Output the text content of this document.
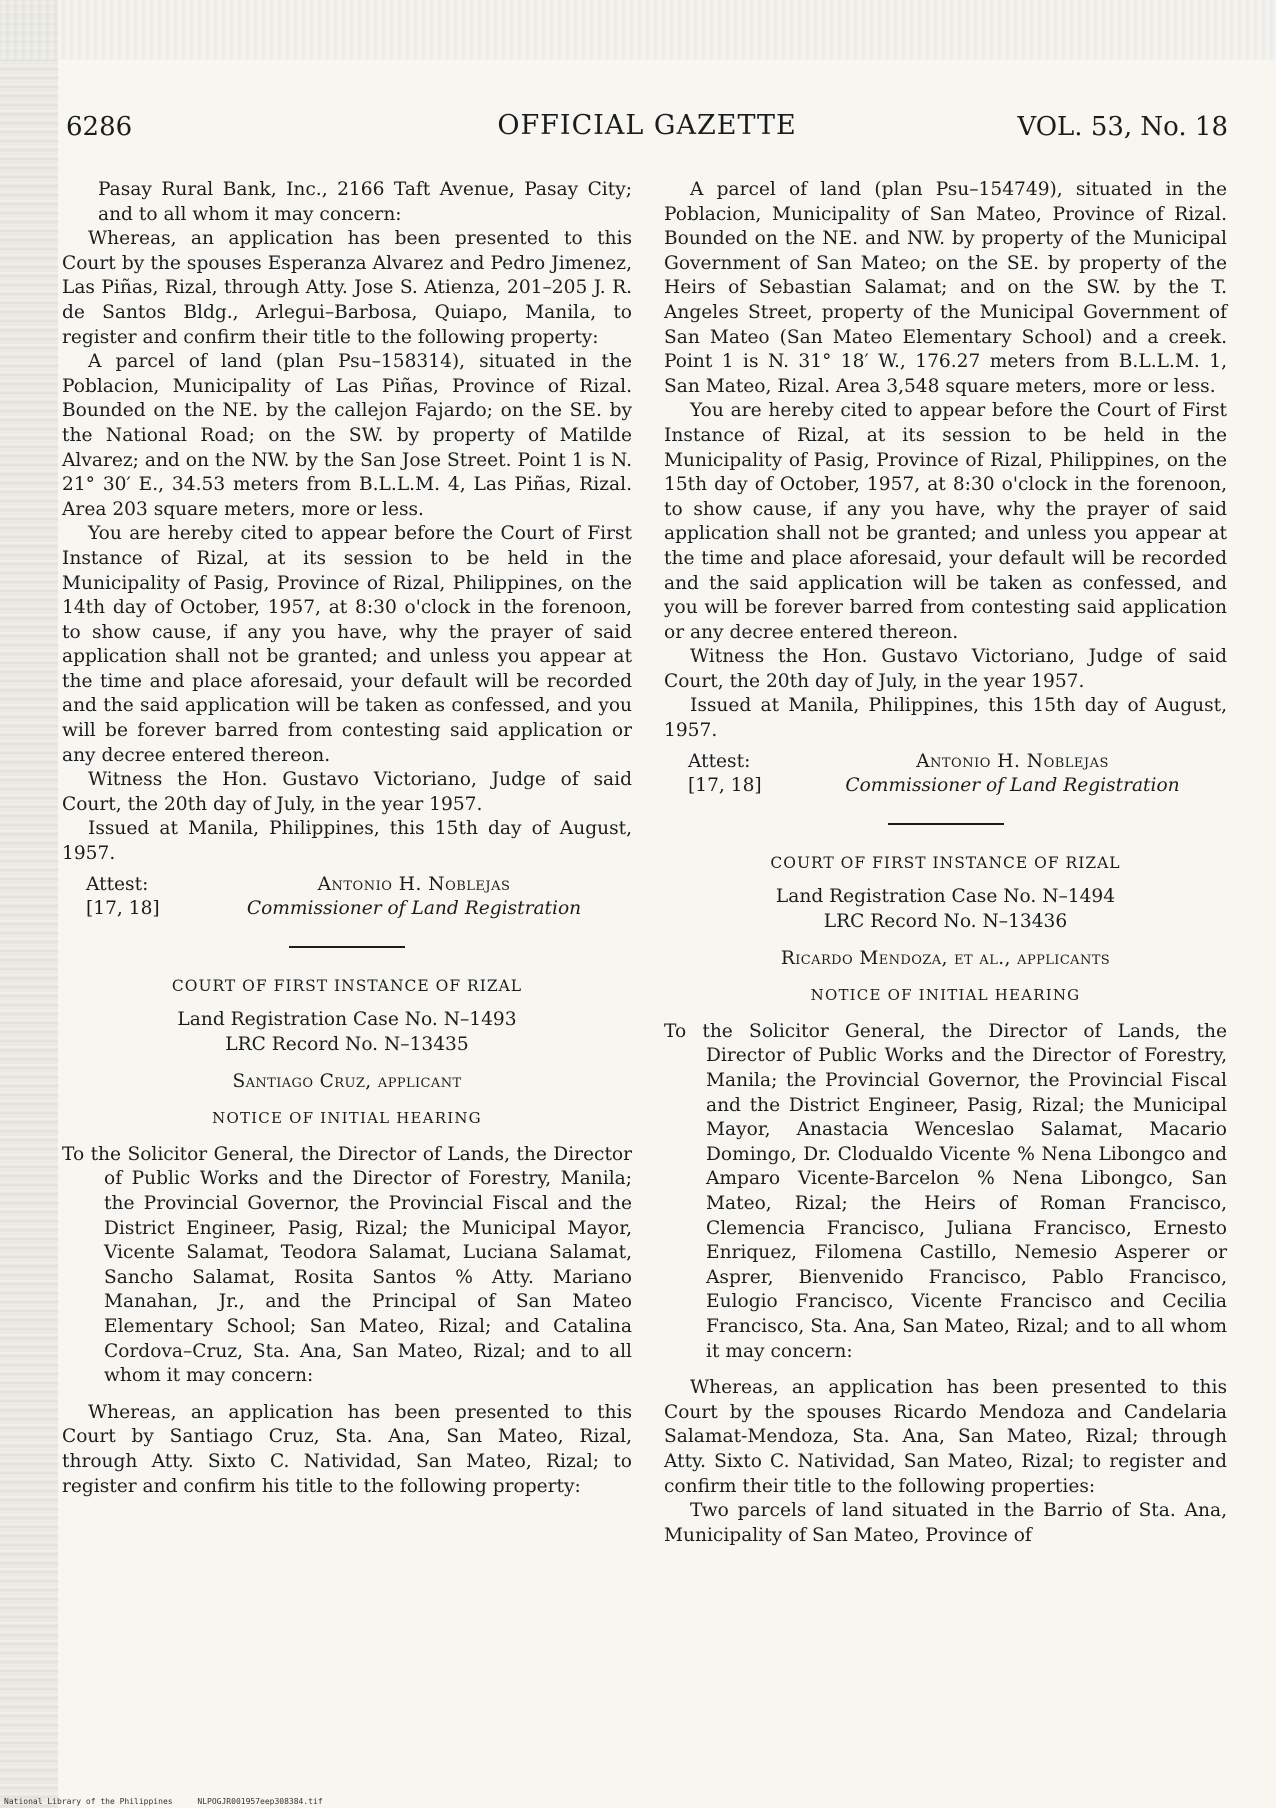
6286	OFFICIAL GAZETTE	VOL. 53, No. 18

Pasay Rural Bank, Inc., 2166 Taft Avenue, Pasay City; and to all whom it may concern:

Whereas, an application has been presented to this Court by the spouses Esperanza Alvarez and Pedro Jimenez, Las Piñas, Rizal, through Atty. Jose S. Atienza, 201–205 J. R. de Santos Bldg., Arlegui–Barbosa, Quiapo, Manila, to register and confirm their title to the following property:

A parcel of land (plan Psu–158314), situated in the Poblacion, Municipality of Las Piñas, Province of Rizal. Bounded on the NE. by the callejon Fajardo; on the SE. by the National Road; on the SW. by property of Matilde Alvarez; and on the NW. by the San Jose Street. Point 1 is N. 21° 30′ E., 34.53 meters from B.L.L.M. 4, Las Piñas, Rizal. Area 203 square meters, more or less.

You are hereby cited to appear before the Court of First Instance of Rizal, at its session to be held in the Municipality of Pasig, Province of Rizal, Philippines, on the 14th day of October, 1957, at 8:30 o'clock in the forenoon, to show cause, if any you have, why the prayer of said application shall not be granted; and unless you appear at the time and place aforesaid, your default will be recorded and the said application will be taken as confessed, and you will be forever barred from contesting said application or any decree entered thereon.

Witness the Hon. Gustavo Victoriano, Judge of said Court, the 20th day of July, in the year 1957.

Issued at Manila, Philippines, this 15th day of August, 1957.

Attest:	Antonio H. Noblejas
[17, 18]	Commissioner of Land Registration

COURT OF FIRST INSTANCE OF RIZAL

Land Registration Case No. N–1493

LRC Record No. N–13435

Santiago Cruz, applicant

NOTICE OF INITIAL HEARING

To the Solicitor General, the Director of Lands, the Director of Public Works and the Director of Forestry, Manila; the Provincial Governor, the Provincial Fiscal and the District Engineer, Pasig, Rizal; the Municipal Mayor, Vicente Salamat, Teodora Salamat, Luciana Salamat, Sancho Salamat, Rosita Santos % Atty. Mariano Manahan, Jr., and the Principal of San Mateo Elementary School; San Mateo, Rizal; and Catalina Cordova–Cruz, Sta. Ana, San Mateo, Rizal; and to all whom it may concern:

Whereas, an application has been presented to this Court by Santiago Cruz, Sta. Ana, San Mateo, Rizal, through Atty. Sixto C. Natividad, San Mateo, Rizal; to register and confirm his title to the following property:

A parcel of land (plan Psu–154749), situated in the Poblacion, Municipality of San Mateo, Province of Rizal. Bounded on the NE. and NW. by property of the Municipal Government of San Mateo; on the SE. by property of the Heirs of Sebastian Salamat; and on the SW. by the T. Angeles Street, property of the Municipal Government of San Mateo (San Mateo Elementary School) and a creek. Point 1 is N. 31° 18′ W., 176.27 meters from B.L.L.M. 1, San Mateo, Rizal. Area 3,548 square meters, more or less.

You are hereby cited to appear before the Court of First Instance of Rizal, at its session to be held in the Municipality of Pasig, Province of Rizal, Philippines, on the 15th day of October, 1957, at 8:30 o'clock in the forenoon, to show cause, if any you have, why the prayer of said application shall not be granted; and unless you appear at the time and place aforesaid, your default will be recorded and the said application will be taken as confessed, and you will be forever barred from contesting said application or any decree entered thereon.

Witness the Hon. Gustavo Victoriano, Judge of said Court, the 20th day of July, in the year 1957.

Issued at Manila, Philippines, this 15th day of August, 1957.

Attest:	Antonio H. Noblejas
[17, 18]	Commissioner of Land Registration

COURT OF FIRST INSTANCE OF RIZAL

Land Registration Case No. N–1494

LRC Record No. N–13436

Ricardo Mendoza, et al., applicants

NOTICE OF INITIAL HEARING

To the Solicitor General, the Director of Lands, the Director of Public Works and the Director of Forestry, Manila; the Provincial Governor, the Provincial Fiscal and the District Engineer, Pasig, Rizal; the Municipal Mayor, Anastacia Wenceslao Salamat, Macario Domingo, Dr. Clodualdo Vicente % Nena Libongco and Amparo Vicente-Barcelon % Nena Libongco, San Mateo, Rizal; the Heirs of Roman Francisco, Clemencia Francisco, Juliana Francisco, Ernesto Enriquez, Filomena Castillo, Nemesio Asperer or Asprer, Bienvenido Francisco, Pablo Francisco, Eulogio Francisco, Vicente Francisco and Cecilia Francisco, Sta. Ana, San Mateo, Rizal; and to all whom it may concern:

Whereas, an application has been presented to this Court by the spouses Ricardo Mendoza and Candelaria Salamat-Mendoza, Sta. Ana, San Mateo, Rizal; through Atty. Sixto C. Natividad, San Mateo, Rizal; to register and confirm their title to the following properties:

Two parcels of land situated in the Barrio of Sta. Ana, Municipality of San Mateo, Province of

National Library of the Philippines	NLPOGJR001957eep308384.tif
